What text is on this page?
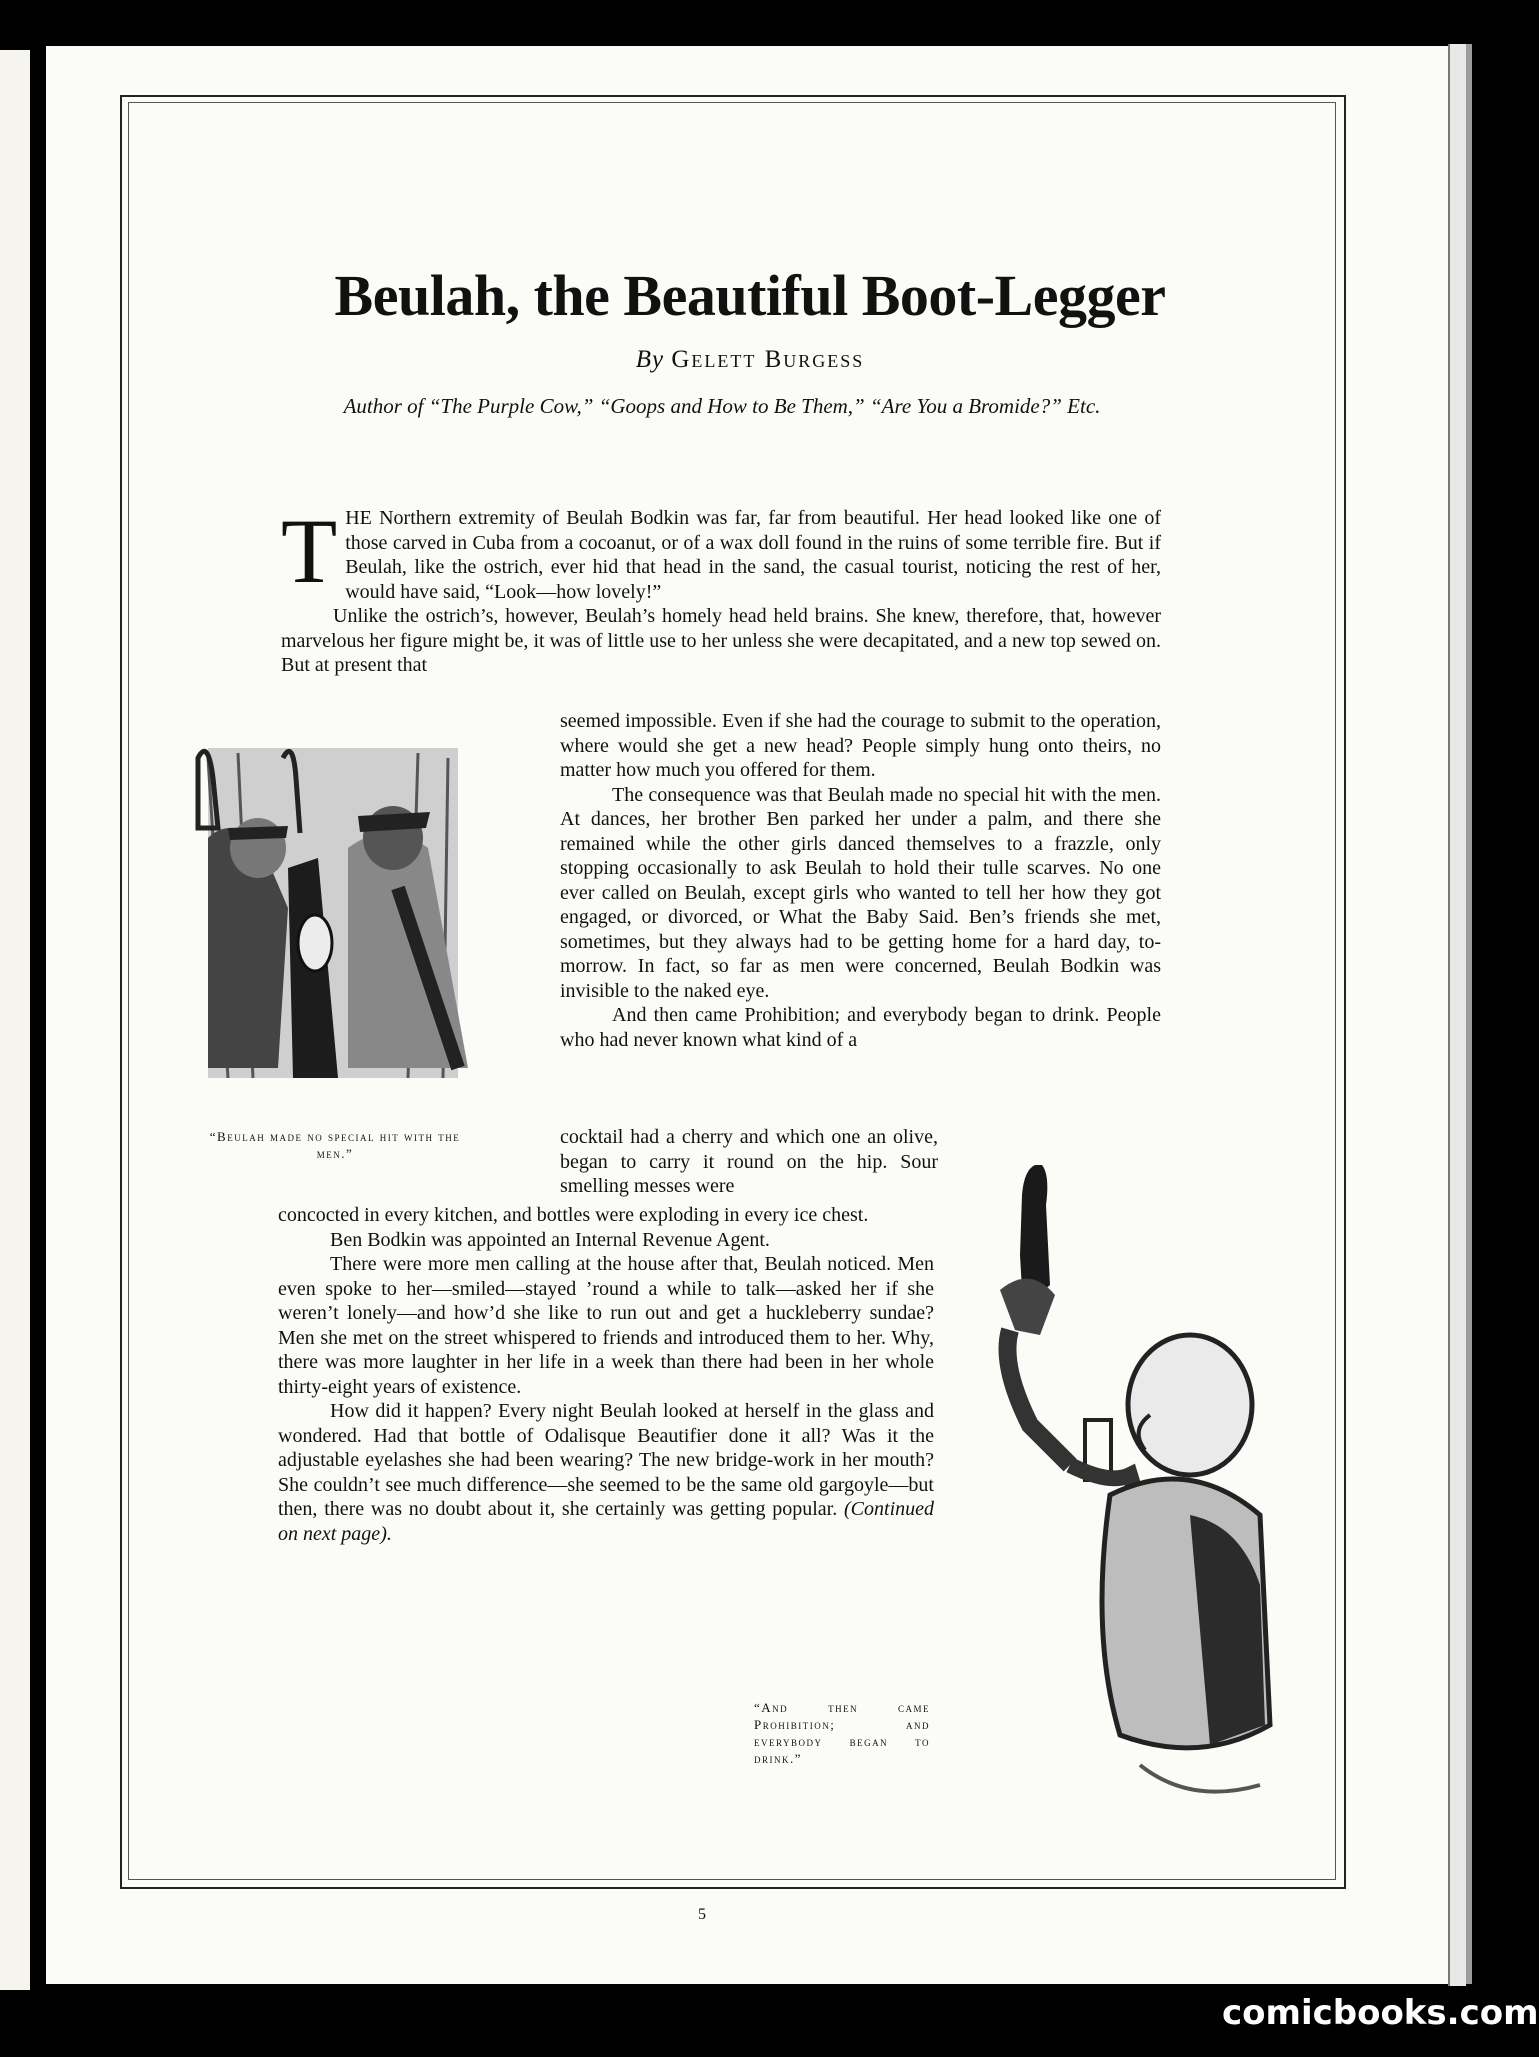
Beulah, the Beautiful Boot-Legger
By Gelett Burgess
Author of “The Purple Cow,” “Goops and How to Be Them,” “Are You a Bromide?” Etc.

THE Northern extremity of Beulah Bodkin was far, far from beautiful. Her head looked like one of those carved in Cuba from a cocoanut, or of a wax doll found in the ruins of some terrible fire. But if Beulah, like the ostrich, ever hid that head in the sand, the casual tourist, noticing the rest of her, would have said, “Look—how lovely!”

Unlike the ostrich’s, however, Beulah’s homely head held brains. She knew, therefore, that, however marvelous her figure might be, it was of little use to her unless she were decapitated, and a new top sewed on. But at present that

“Beulah made no special hit with the men.”

seemed impossible. Even if she had the courage to submit to the operation, where would she get a new head? People simply hung onto theirs, no matter how much you offered for them.

The consequence was that Beulah made no special hit with the men. At dances, her brother Ben parked her under a palm, and there she remained while the other girls danced themselves to a frazzle, only stopping occasionally to ask Beulah to hold their tulle scarves. No one ever called on Beulah, except girls who wanted to tell her how they got engaged, or divorced, or What the Baby Said. Ben’s friends she met, sometimes, but they always had to be getting home for a hard day, to-morrow. In fact, so far as men were concerned, Beulah Bodkin was invisible to the naked eye.

And then came Prohibition; and everybody began to drink. People who had never known what kind of a

cocktail had a cherry and which one an olive, began to carry it round on the hip. Sour smelling messes were

concocted in every kitchen, and bottles were exploding in every ice chest.

Ben Bodkin was appointed an Internal Revenue Agent.

There were more men calling at the house after that, Beulah noticed. Men even spoke to her—smiled—stayed ’round a while to talk—asked her if she weren’t lonely—and how’d she like to run out and get a huckleberry sundae? Men she met on the street whispered to friends and introduced them to her. Why, there was more laughter in her life in a week than there had been in her whole thirty-eight years of existence.

How did it happen? Every night Beulah looked at herself in the glass and wondered. Had that bottle of Odalisque Beautifier done it all? Was it the adjustable eyelashes she had been wearing? The new bridge-work in her mouth? She couldn’t see much difference—she seemed to be the same old gargoyle—but then, there was no doubt about it, she certainly was getting popular. (Continued on next page).

“And then came Prohibition; and everybody began to drink.”
5
comicbooks.com
